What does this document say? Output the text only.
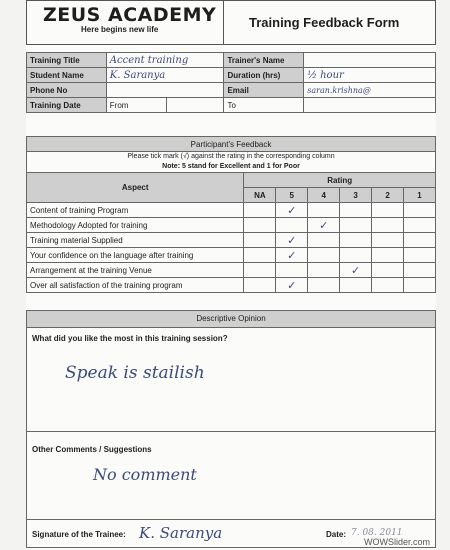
ZEUS ACADEMY
Here begins new life	Training Feedback Form
Training Title	Accent training		Trainer's Name	
Student Name	K. Saranya		Duration (hrs)	½ hour
Phone No			Email	saran.krishna@
Training Date	From		To	
Participant's Feedback						
Please tick mark (√) against the rating in the corresponding column
Note: 5 stand for Excellent and 1 for Poor						
Aspect	Rating					
	NA	5	4	3	2	1
Content of training Program		✓				
Methodology Adopted for training			✓			
Training material Supplied		✓				
Your confidence on the language after training		✓				
Arrangement at the training Venue				✓		
Over all satisfaction of the training program		✓				
Descriptive Opinion
What did you like the most in this training session?
Speak is stailish
Other Comments / Suggestions
No comment
Signature of the Trainee: K. Saranya	Date: 7. 08. 2011
WOWSlider.com
